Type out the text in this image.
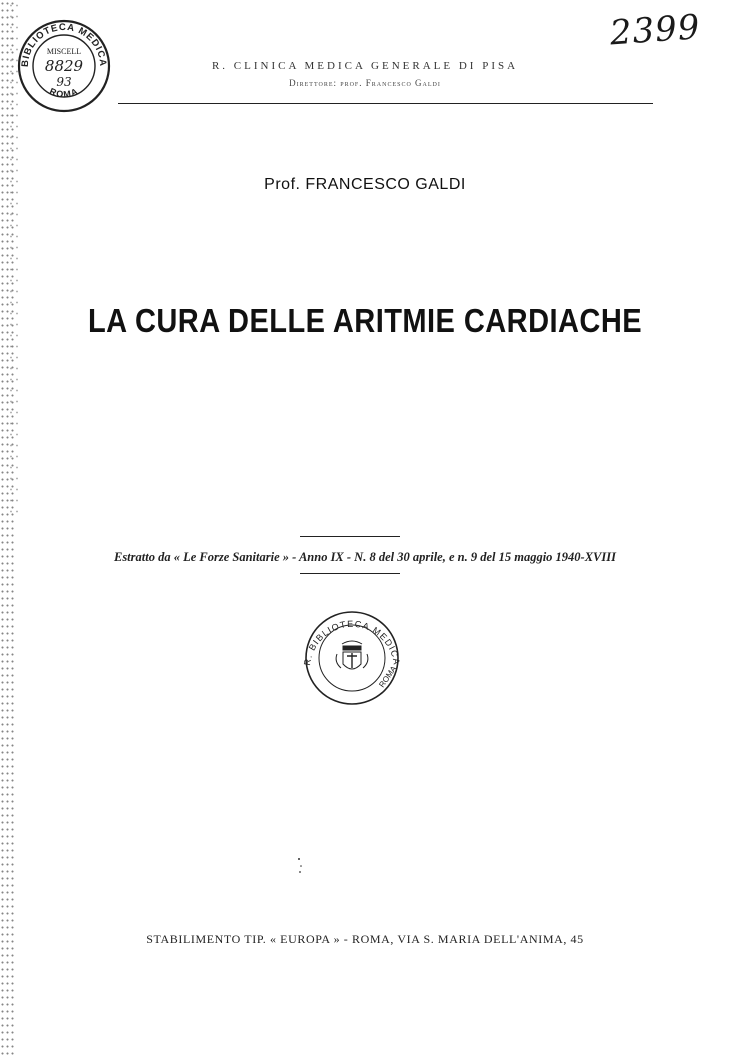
BIBLIOTECA MEDICA
ROMA
MISCELL
8829
93
2399
R. CLINICA MEDICA GENERALE DI PISA
Direttore: prof. Francesco Galdi
Prof. FRANCESCO GALDI
LA CURA DELLE ARITMIE CARDIACHE
Estratto da « Le Forze Sanitarie » - Anno IX - N. 8 del 30 aprile, e n. 9 del 15 maggio 1940-XVIII
R. BIBLIOTECA MEDICA
ROMA
STABILIMENTO TIP. « EUROPA » - ROMA, VIA S. MARIA DELL'ANIMA, 45
